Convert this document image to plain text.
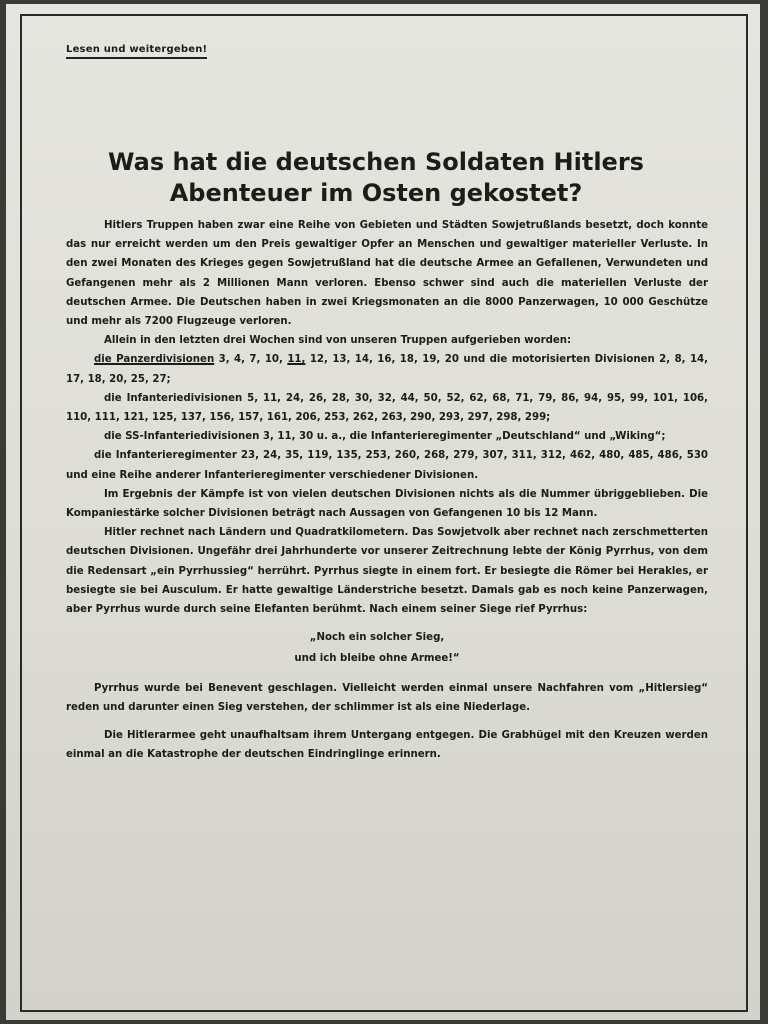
Lesen und weitergeben!
Was hat die deutschen Soldaten Hitlers
Abenteuer im Osten gekostet?

Hitlers Truppen haben zwar eine Reihe von Gebieten und Städten Sowjetrußlands besetzt, doch konnte das nur erreicht werden um den Preis gewaltiger Opfer an Menschen und gewaltiger materieller Verluste. In den zwei Monaten des Krieges gegen Sowjetrußland hat die deutsche Armee an Gefallenen, Verwundeten und Gefangenen mehr als 2 Millionen Mann verloren. Ebenso schwer sind auch die materiellen Verluste der deutschen Armee. Die Deutschen haben in zwei Kriegsmonaten an die 8000 Panzerwagen, 10 000 Geschütze und mehr als 7200 Flugzeuge verloren.

Allein in den letzten drei Wochen sind von unseren Truppen aufgerieben worden:

die Panzerdivisionen 3, 4, 7, 10, 11, 12, 13, 14, 16, 18, 19, 20 und die motorisierten Divisionen 2, 8, 14, 17, 18, 20, 25, 27;

die Infanteriedivisionen 5, 11, 24, 26, 28, 30, 32, 44, 50, 52, 62, 68, 71, 79, 86, 94, 95, 99, 101, 106, 110, 111, 121, 125, 137, 156, 157, 161, 206, 253, 262, 263, 290, 293, 297, 298, 299;

die SS-Infanteriedivisionen 3, 11, 30 u. a., die Infanterieregimenter „Deutschland“ und „Wiking“;

die Infanterieregimenter 23, 24, 35, 119, 135, 253, 260, 268, 279, 307, 311, 312, 462, 480, 485, 486, 530 und eine Reihe anderer Infanterieregimenter verschiedener Divisionen.

Im Ergebnis der Kämpfe ist von vielen deutschen Divisionen nichts als die Nummer übriggeblieben. Die Kompaniestärke solcher Divisionen beträgt nach Aussagen von Gefangenen 10 bis 12 Mann.

Hitler rechnet nach Ländern und Quadratkilometern. Das Sowjetvolk aber rechnet nach zerschmetterten deutschen Divisionen. Ungefähr drei Jahrhunderte vor unserer Zeitrechnung lebte der König Pyrrhus, von dem die Redensart „ein Pyrrhussieg“ herrührt. Pyrrhus siegte in einem fort. Er besiegte die Römer bei Herakles, er besiegte sie bei Ausculum. Er hatte gewaltige Länderstriche besetzt. Damals gab es noch keine Panzerwagen, aber Pyrrhus wurde durch seine Elefanten berühmt. Nach einem seiner Siege rief Pyrrhus:

„Noch ein solcher Sieg,
und ich bleibe ohne Armee!“

Pyrrhus wurde bei Benevent geschlagen. Vielleicht werden einmal unsere Nachfahren vom „Hitlersieg“ reden und darunter einen Sieg verstehen, der schlimmer ist als eine Niederlage.

Die Hitlerarmee geht unaufhaltsam ihrem Untergang entgegen. Die Grabhügel mit den Kreuzen werden einmal an die Katastrophe der deutschen Eindringlinge erinnern.
